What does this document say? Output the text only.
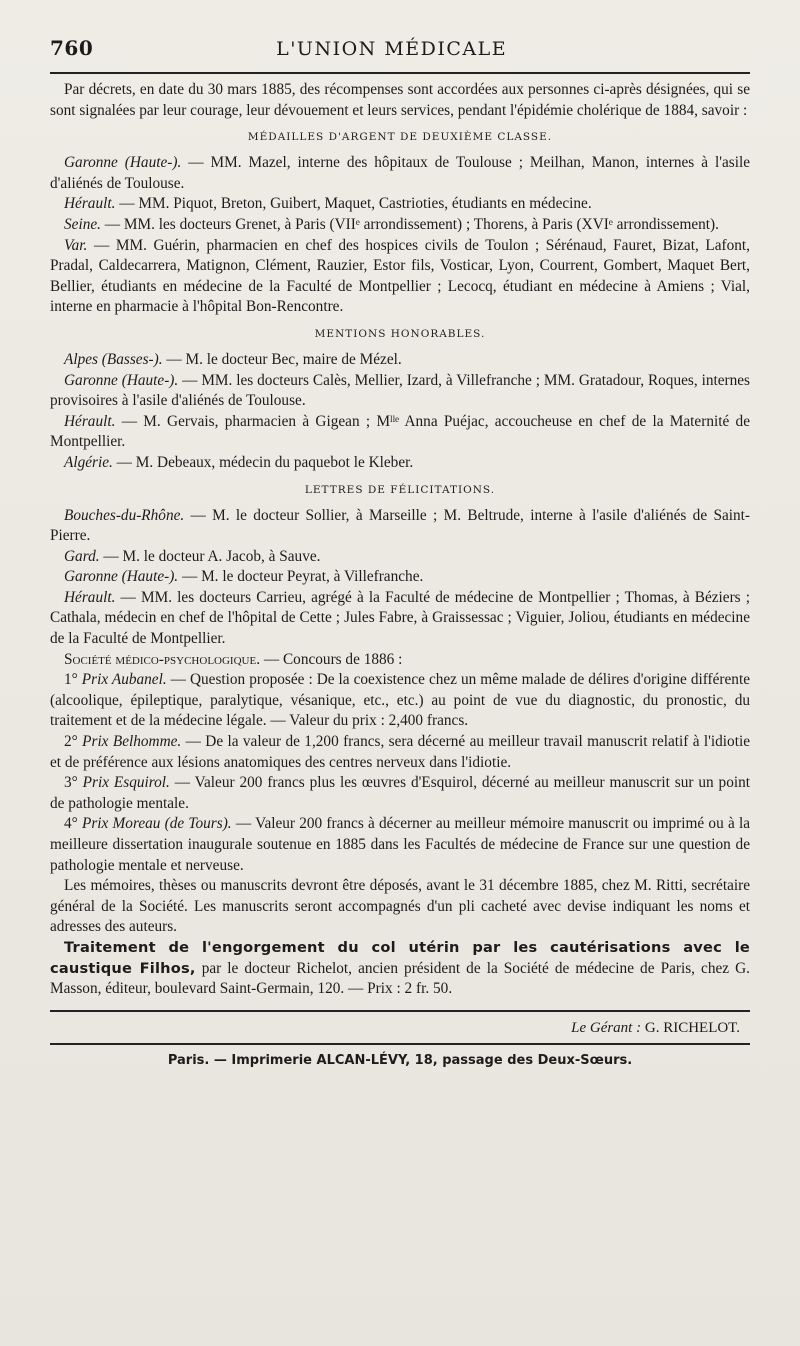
760	L'UNION MÉDICALE

Par décrets, en date du 30 mars 1885, des récompenses sont accordées aux personnes ci-après désignées, qui se sont signalées par leur courage, leur dévouement et leurs services, pendant l'épidémie cholérique de 1884, savoir :

MÉDAILLES D'ARGENT DE DEUXIÈME CLASSE.

Garonne (Haute-). — MM. Mazel, interne des hôpitaux de Toulouse ; Meilhan, Manon, internes à l'asile d'aliénés de Toulouse.

Hérault. — MM. Piquot, Breton, Guibert, Maquet, Castrioties, étudiants en médecine.

Seine. — MM. les docteurs Grenet, à Paris (VIIᵉ arrondissement) ; Thorens, à Paris (XVIᵉ arrondissement).

Var. — MM. Guérin, pharmacien en chef des hospices civils de Toulon ; Sérénaud, Fauret, Bizat, Lafont, Pradal, Caldecarrera, Matignon, Clément, Rauzier, Estor fils, Vosticar, Lyon, Courrent, Gombert, Maquet Bert, Bellier, étudiants en médecine de la Faculté de Montpellier ; Lecocq, étudiant en médecine à Amiens ; Vial, interne en pharmacie à l'hôpital Bon-Rencontre.

MENTIONS HONORABLES.

Alpes (Basses-). — M. le docteur Bec, maire de Mézel.

Garonne (Haute-). — MM. les docteurs Calès, Mellier, Izard, à Villefranche ; MM. Gratadour, Roques, internes provisoires à l'asile d'aliénés de Toulouse.

Hérault. — M. Gervais, pharmacien à Gigean ; Mˡˡᵉ Anna Puéjac, accoucheuse en chef de la Maternité de Montpellier.

Algérie. — M. Debeaux, médecin du paquebot le Kleber.

LETTRES DE FÉLICITATIONS.

Bouches-du-Rhône. — M. le docteur Sollier, à Marseille ; M. Beltrude, interne à l'asile d'aliénés de Saint-Pierre.

Gard. — M. le docteur A. Jacob, à Sauve.

Garonne (Haute-). — M. le docteur Peyrat, à Villefranche.

Hérault. — MM. les docteurs Carrieu, agrégé à la Faculté de médecine de Montpellier ; Thomas, à Béziers ; Cathala, médecin en chef de l'hôpital de Cette ; Jules Fabre, à Graissessac ; Viguier, Joliou, étudiants en médecine de la Faculté de Montpellier.

Société médico-psychologique. — Concours de 1886 :

1° Prix Aubanel. — Question proposée : De la coexistence chez un même malade de délires d'origine différente (alcoolique, épileptique, paralytique, vésanique, etc., etc.) au point de vue du diagnostic, du pronostic, du traitement et de la médecine légale. — Valeur du prix : 2,400 francs.

2° Prix Belhomme. — De la valeur de 1,200 francs, sera décerné au meilleur travail manuscrit relatif à l'idiotie et de préférence aux lésions anatomiques des centres nerveux dans l'idiotie.

3° Prix Esquirol. — Valeur 200 francs plus les œuvres d'Esquirol, décerné au meilleur manuscrit sur un point de pathologie mentale.

4° Prix Moreau (de Tours). — Valeur 200 francs à décerner au meilleur mémoire manuscrit ou imprimé ou à la meilleure dissertation inaugurale soutenue en 1885 dans les Facultés de médecine de France sur une question de pathologie mentale et nerveuse.

Les mémoires, thèses ou manuscrits devront être déposés, avant le 31 décembre 1885, chez M. Ritti, secrétaire général de la Société. Les manuscrits seront accompagnés d'un pli cacheté avec devise indiquant les noms et adresses des auteurs.

Traitement de l'engorgement du col utérin par les cautérisations avec le caustique Filhos, par le docteur Richelot, ancien président de la Société de médecine de Paris, chez G. Masson, éditeur, boulevard Saint-Germain, 120. — Prix : 2 fr. 50.

Le Gérant : G. RICHELOT.
Paris. — Imprimerie ALCAN-LÉVY, 18, passage des Deux-Sœurs.
